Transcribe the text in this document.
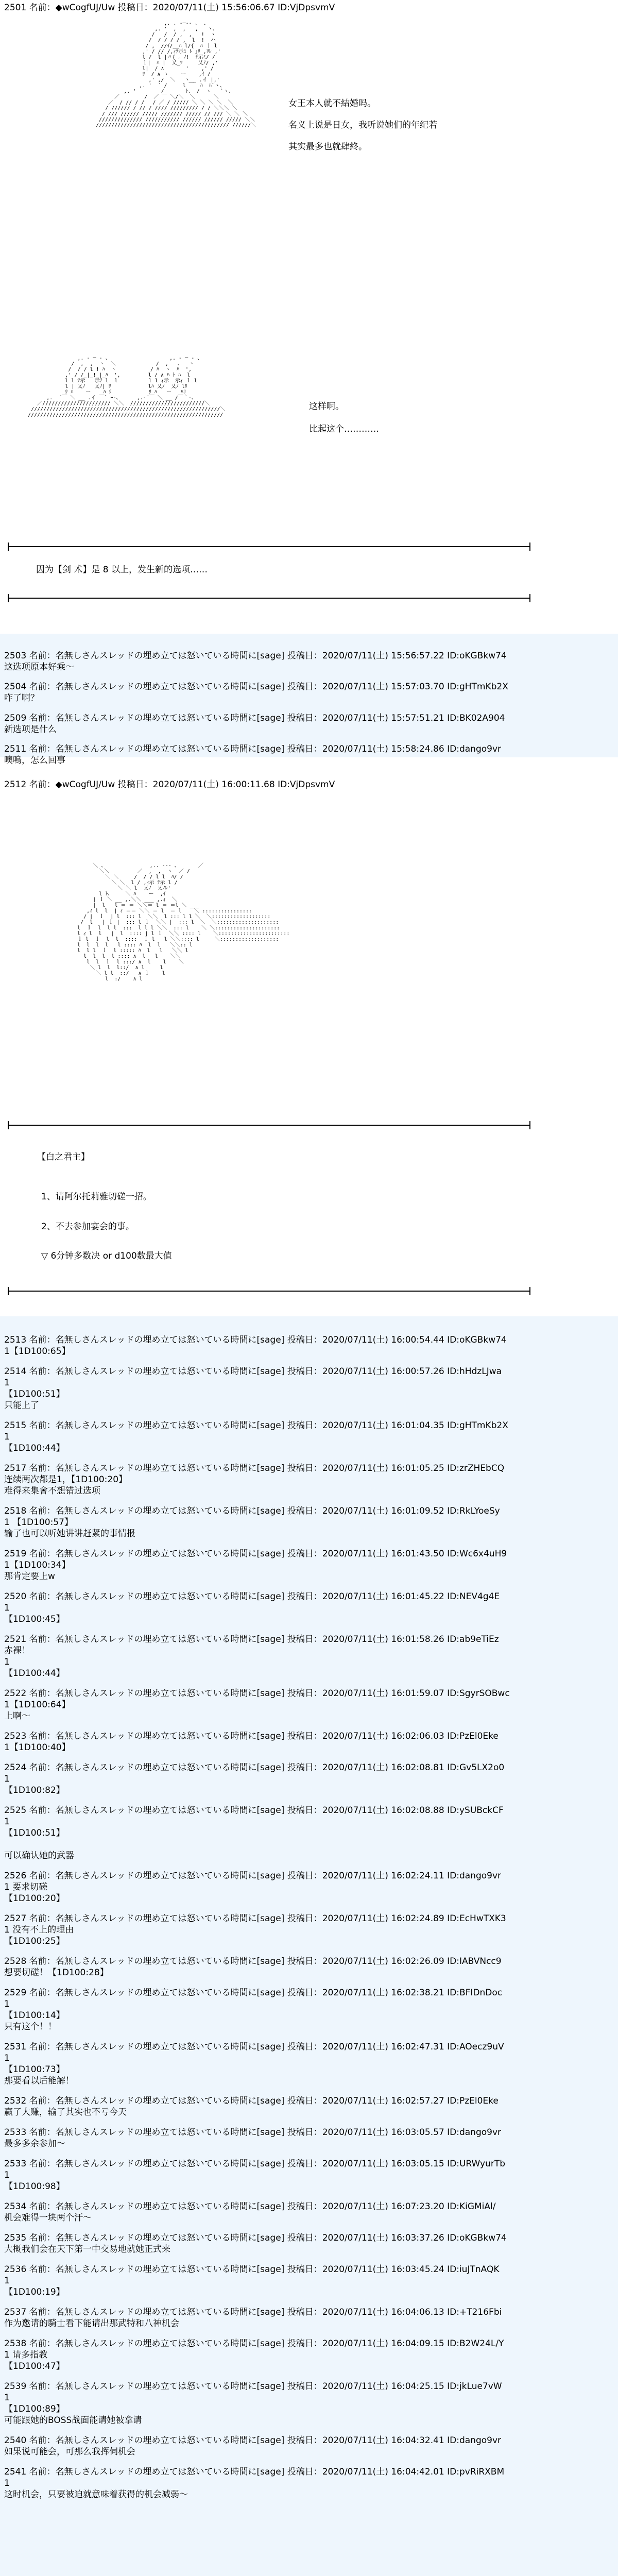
2501 名前：◆wCogfUJ/Uw 投稿日：2020/07/11(土) 15:56:06.67 ID:VjDpsvmV
,. . -─‐- 、 .
,. '  ,  ,   ,   ヽ、
/   /  / ,  ,   !  ヽ
/  / / / / ,  l  !  ハ
/ ,  //ｲ/__ﾊ l/{  ﾊ ｜ l
,' / // /,ｨﾃ示ﾐ ﾄ ｣ﾘ ,ﾘﾚ ,'
l /  l |〃{ 。ﾉ!  ﾃ示ﾐ/ /
ｌ|  ﾊ |  乂_ﾂ     乂ﾉ/ ,'
l|  / ∧       '    ,' /
ﾘ  / ∧ ヽ    ー    ,ｲ /
,' ,/  ＼   ヽ _ .イ |,'
,. '  ´ /     l ￣  ﾊ  ﾊ`ヽ、
,. '        /       ﾄ、 /  ヽ   `ヽ、
／        /  ／ ￣ ＼/＼  ＼      ＼
／  / // / /　 / ／ / ///// ＼ ＼ ＼ ＼  ＼
/ ////// / // / //// ///////// / / ＼＼＼ ＼
/ /// ////// ///// /////// ///// // /// ＼ ＼ ＼
////////////// /////////// ////// ////// ///// ＼＼
/////////////////////////////////////////// //////＼

女王本人就不結婚吗。
名义上说是日女，我听说她们的年纪若
其实最多也就肆終。
,. - ─ - 、                   ,. - ─ - 、
/  ,  ,  ヽ  ＼             /  ,   、  ヽ
/  / / l ! ﾊ  ヽ           / ﾊ  ヽ  ﾊ  ',
,' / /_|_!_|_ﾊ  ',         l / ∧ ﾊ ﾄ ﾊ  l
l l ﾃ示   示ﾃ l  l          l l ｨ示  示ｨ ｌ l
l | 乂ﾉ   乂ﾉ| ﾘ            lﾊ 乂ﾉ  乂ﾉ lﾘ
ﾘ ﾊ    ー    ﾊ ﾘ            ﾘ ﾊ   ー   ﾊﾘ
,.  ´￣ ＼ __ .イ ￣` ｰ-、     ,.-´￣ ＼ __ /￣｀-、
／////////////////////// ＼＼  ////////////////////////＼
/////////////////////////////////////////////////////////////＼
///////////////////////////////////////////////////////////////

这样啊。
比起这个…………
因为【剑 术】是 8 以上，发生新的选项……
2503 名前：名無しさんスレッドの埋め立ては怒いている時間に[sage] 投稿日：2020/07/11(土) 15:56:57.22 ID:oKGBkw74
这选项原本好乘～
2504 名前：名無しさんスレッドの埋め立ては怒いている時間に[sage] 投稿日：2020/07/11(土) 15:57:03.70 ID:gHTmKb2X
咋了啊？
2509 名前：名無しさんスレッドの埋め立ては怒いている時間に[sage] 投稿日：2020/07/11(土) 15:57:51.21 ID:BK02A904
新选项是什么
2511 名前：名無しさんスレッドの埋め立ては怒いている時間に[sage] 投稿日：2020/07/11(土) 15:58:24.86 ID:dango9vr
噢嗚，怎么回事
2512 名前：◆wCogfUJ/Uw 投稿日：2020/07/11(土) 16:00:11.68 ID:VjDpsvmV
＼ 、              ,.. -‐- 、      ／
＼＼         ／  ,  ,  ヽ  ／ /
＼ ＼     /  / / l l  ﾊ/ /
＼ ＼  l / ,ｨ示 ﾃ示 l /
＼ ＼ l  乂ﾉ  乂ﾉﾚ'
l ﾄ、    ＼ ﾊ    ー  ,ｲ
| ｌ ＼ __ ,.＼＼ ___ ,.ｨ  ＼
|  l   l ＝ ＝ ＼＼＝ l ＝ ＝l ＼ ___
,ｨ l  l  | ｨ ＝＝ ＼＼ ＝ l  ＝ l    ＼ ::::::::::::::::
/ |  ｌ  | l  ::: l  ＼＼  l ::: l l ＼  ＼:::::::::::::::::::
/  l   | ｌ |  ::: l ｌ  ＼＼ |  ::: l  ＼  ＼::::::::::::::::::::
l  ｌ  l  l l  :::  l l l ＼＼  ::: l    ＼ ＼:::::::::::::::::::::
l ｨ l  l   |  l  :::: | l ｌ  ＼＼ :::: l    ＼:::::::::::::::::::::::
ｌ l  ｌ  l  l  ::::  ｌ l   l ＼＼:::: l     ＼:::::::::::::::::::
l  l  l  l   l :::: ﾊ  l  l   ＼＼:: l
l  l l  ｌ  l ::::: ﾊ  l   l   ＼＼ l
l  l  l  l :::: ∧  l   l    ＼＼
l  l  ｌ  l :::/ ∧  l    l    ＼
＼ l  l  l::/  ∧ l     l
＼ l l  ::/   ∧ ｌ    l
l  :/    ∧ l

【白之君主】
1、请阿尔托莉雅切磋一招。
2、不去参加宴会的事。
▽ 6分钟多数决 or d100数最大值
2513 名前：名無しさんスレッドの埋め立ては怒いている時間に[sage] 投稿日：2020/07/11(土) 16:00:54.44 ID:oKGBkw74
1【1D100:65】
2514 名前：名無しさんスレッドの埋め立ては怒いている時間に[sage] 投稿日：2020/07/11(土) 16:00:57.26 ID:hHdzLJwa
1
【1D100:51】
只能上了
2515 名前：名無しさんスレッドの埋め立ては怒いている時間に[sage] 投稿日：2020/07/11(土) 16:01:04.35 ID:gHTmKb2X
1
【1D100:44】
2517 名前：名無しさんスレッドの埋め立ては怒いている時間に[sage] 投稿日：2020/07/11(土) 16:01:05.25 ID:zrZHEbCQ
连续两次都是1，【1D100:20】
难得来集會不想错过选项
2518 名前：名無しさんスレッドの埋め立ては怒いている時間に[sage] 投稿日：2020/07/11(土) 16:01:09.52 ID:RkLYoeSy
1 【1D100:57】
输了也可以听她讲讲赶紧的事情报
2519 名前：名無しさんスレッドの埋め立ては怒いている時間に[sage] 投稿日：2020/07/11(土) 16:01:43.50 ID:Wc6x4uH9
1【1D100:34】
那肯定要上w
2520 名前：名無しさんスレッドの埋め立ては怒いている時間に[sage] 投稿日：2020/07/11(土) 16:01:45.22 ID:NEV4g4E
1
【1D100:45】
2521 名前：名無しさんスレッドの埋め立ては怒いている時間に[sage] 投稿日：2020/07/11(土) 16:01:58.26 ID:ab9eTiEz
赤裸！
1
【1D100:44】
2522 名前：名無しさんスレッドの埋め立ては怒いている時間に[sage] 投稿日：2020/07/11(土) 16:01:59.07 ID:SgyrSOBwc
1【1D100:64】
上啊～
2523 名前：名無しさんスレッドの埋め立ては怒いている時間に[sage] 投稿日：2020/07/11(土) 16:02:06.03 ID:PzEl0Eke
1【1D100:40】
2524 名前：名無しさんスレッドの埋め立ては怒いている時間に[sage] 投稿日：2020/07/11(土) 16:02:08.81 ID:Gv5LX2o0
1
【1D100:82】
2525 名前：名無しさんスレッドの埋め立ては怒いている時間に[sage] 投稿日：2020/07/11(土) 16:02:08.88 ID:ySUBckCF
1
【1D100:51】
可以确认她的武器
2526 名前：名無しさんスレッドの埋め立ては怒いている時間に[sage] 投稿日：2020/07/11(土) 16:02:24.11 ID:dango9vr
1 要求切磋
【1D100:20】
2527 名前：名無しさんスレッドの埋め立ては怒いている時間に[sage] 投稿日：2020/07/11(土) 16:02:24.89 ID:EcHwTXK3
1 没有不上的理由
【1D100:25】
2528 名前：名無しさんスレッドの埋め立ては怒いている時間に[sage] 投稿日：2020/07/11(土) 16:02:26.09 ID:IABVNcc9
想要切磋！【1D100:28】
2529 名前：名無しさんスレッドの埋め立ては怒いている時間に[sage] 投稿日：2020/07/11(土) 16:02:38.21 ID:BFIDnDoc
1
【1D100:14】
只有这个！！
2531 名前：名無しさんスレッドの埋め立ては怒いている時間に[sage] 投稿日：2020/07/11(土) 16:02:47.31 ID:AOecz9uV
1
【1D100:73】
那要看以后能解！
2532 名前：名無しさんスレッドの埋め立ては怒いている時間に[sage] 投稿日：2020/07/11(土) 16:02:57.27 ID:PzEl0Eke
赢了大赚，输了其实也不亏今天
2533 名前：名無しさんスレッドの埋め立ては怒いている時間に[sage] 投稿日：2020/07/11(土) 16:03:05.57 ID:dango9vr
最多多余参加～
2533 名前：名無しさんスレッドの埋め立ては怒いている時間に[sage] 投稿日：2020/07/11(土) 16:03:05.15 ID:URWyurTb
1
【1D100:98】
2534 名前：名無しさんスレッドの埋め立ては怒いている時間に[sage] 投稿日：2020/07/11(土) 16:07:23.20 ID:KiGMiAl/
机会难得一块两个汗～
2535 名前：名無しさんスレッドの埋め立ては怒いている時間に[sage] 投稿日：2020/07/11(土) 16:03:37.26 ID:oKGBkw74
大概我们会在天下第一中交易地就她正式来
2536 名前：名無しさんスレッドの埋め立ては怒いている時間に[sage] 投稿日：2020/07/11(土) 16:03:45.24 ID:iuJTnAQK
1
【1D100:19】
2537 名前：名無しさんスレッドの埋め立ては怒いている時間に[sage] 投稿日：2020/07/11(土) 16:04:06.13 ID:+T216Fbi
作为邀请的騎士看下能请出那武特和八神机会
2538 名前：名無しさんスレッドの埋め立ては怒いている時間に[sage] 投稿日：2020/07/11(土) 16:04:09.15 ID:B2W24L/Y
1 请多指教
【1D100:47】
2539 名前：名無しさんスレッドの埋め立ては怒いている時間に[sage] 投稿日：2020/07/11(土) 16:04:25.15 ID:jkLue7vW
1
【1D100:89】
可能跟她的BOSS战面能请她被拿请
2540 名前：名無しさんスレッドの埋め立ては怒いている時間に[sage] 投稿日：2020/07/11(土) 16:04:32.41 ID:dango9vr
如果说可能会，可那么我挥伺机会
2541 名前：名無しさんスレッドの埋め立ては怒いている時間に[sage] 投稿日：2020/07/11(土) 16:04:42.01 ID:pvRiRXBM
1
这时机会，只要被迫就意味着获得的机会减弱～
